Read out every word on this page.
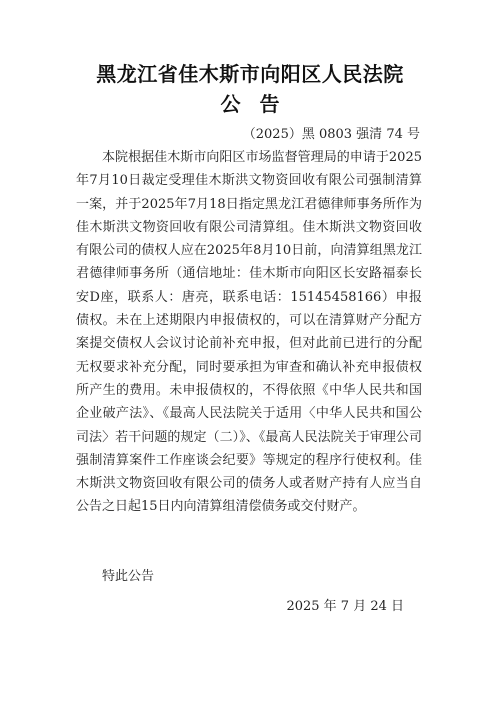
黑龙江省佳木斯市向阳区人民法院
公 告
（2025）黑 0803 强清 74 号

本院根据佳木斯市向阳区市场监督管理局的申请于2025年7月10日裁定受理佳木斯洪文物资回收有限公司强制清算一案，并于2025年7月18日指定黑龙江君德律师事务所作为佳木斯洪文物资回收有限公司清算组。佳木斯洪文物资回收有限公司的债权人应在2025年8月10日前，向清算组黑龙江君德律师事务所（通信地址：佳木斯市向阳区长安路福泰长安D座，联系人：唐亮，联系电话：15145458166）申报债权。未在上述期限内申报债权的，可以在清算财产分配方案提交债权人会议讨论前补充申报，但对此前已进行的分配无权要求补充分配，同时要承担为审查和确认补充申报债权所产生的费用。未申报债权的，不得依照《中华人民共和国企业破产法》、《最高人民法院关于适用〈中华人民共和国公司法〉若干问题的规定（二）》、《最高人民法院关于审理公司强制清算案件工作座谈会纪要》等规定的程序行使权利。佳木斯洪文物资回收有限公司的债务人或者财产持有人应当自公告之日起15日内向清算组清偿债务或交付财产。

特此公告
2025 年 7 月 24 日
